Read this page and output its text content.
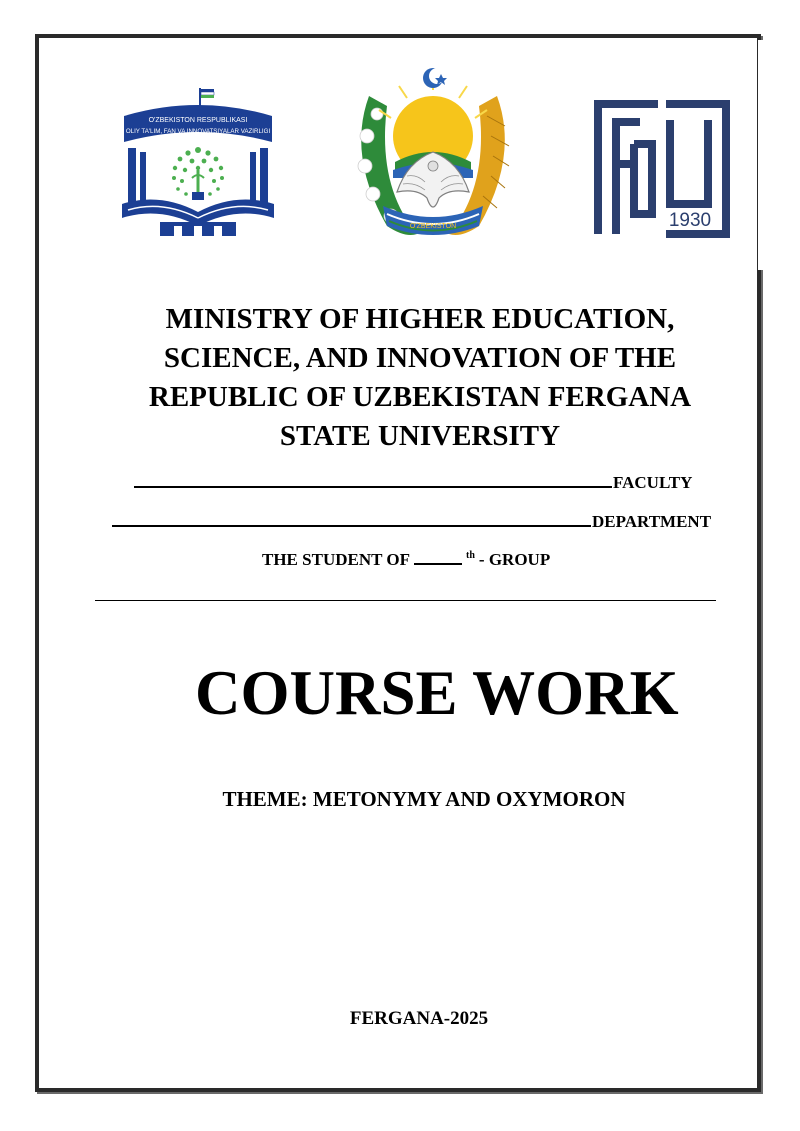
O'ZBEKISTON RESPUBLIKASI
OLIY TA'LIM, FAN VA INNOVATSIYALAR VAZIRLIGI
O'ZBEKISTON	1930
MINISTRY OF HIGHER EDUCATION,
SCIENCE, AND INNOVATION OF THE
REPUBLIC OF UZBEKISTAN FERGANA
STATE UNIVERSITY
FACULTY
DEPARTMENT
THE STUDENT OF	$^{th}$ - GROUP
COURSE WORK
THEME: METONYMY AND OXYMORON
FERGANA-2025
